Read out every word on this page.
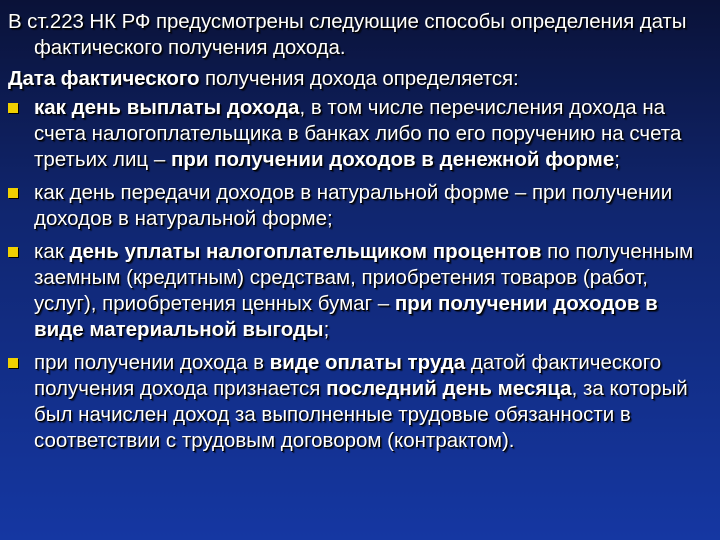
В ст.223 НК РФ предусмотрены следующие способы определения даты фактического получения дохода.
Дата фактического получения дохода определяется:
как день выплаты дохода, в том числе перечисления дохода на счета налогоплательщика в банках либо по его поручению на счета третьих лиц – при получении доходов в денежной форме;
как день передачи доходов в натуральной форме – при получении доходов в натуральной форме;
как день уплаты налогоплательщиком процентов по полученным заемным (кредитным) средствам, приобретения товаров (работ, услуг), приобретения ценных бумаг – при получении доходов в виде материальной выгоды;
при получении дохода в виде оплаты труда датой фактического получения дохода признается последний день месяца, за который был начислен доход за выполненные трудовые обязанности в соответствии с трудовым договором (контрактом).
